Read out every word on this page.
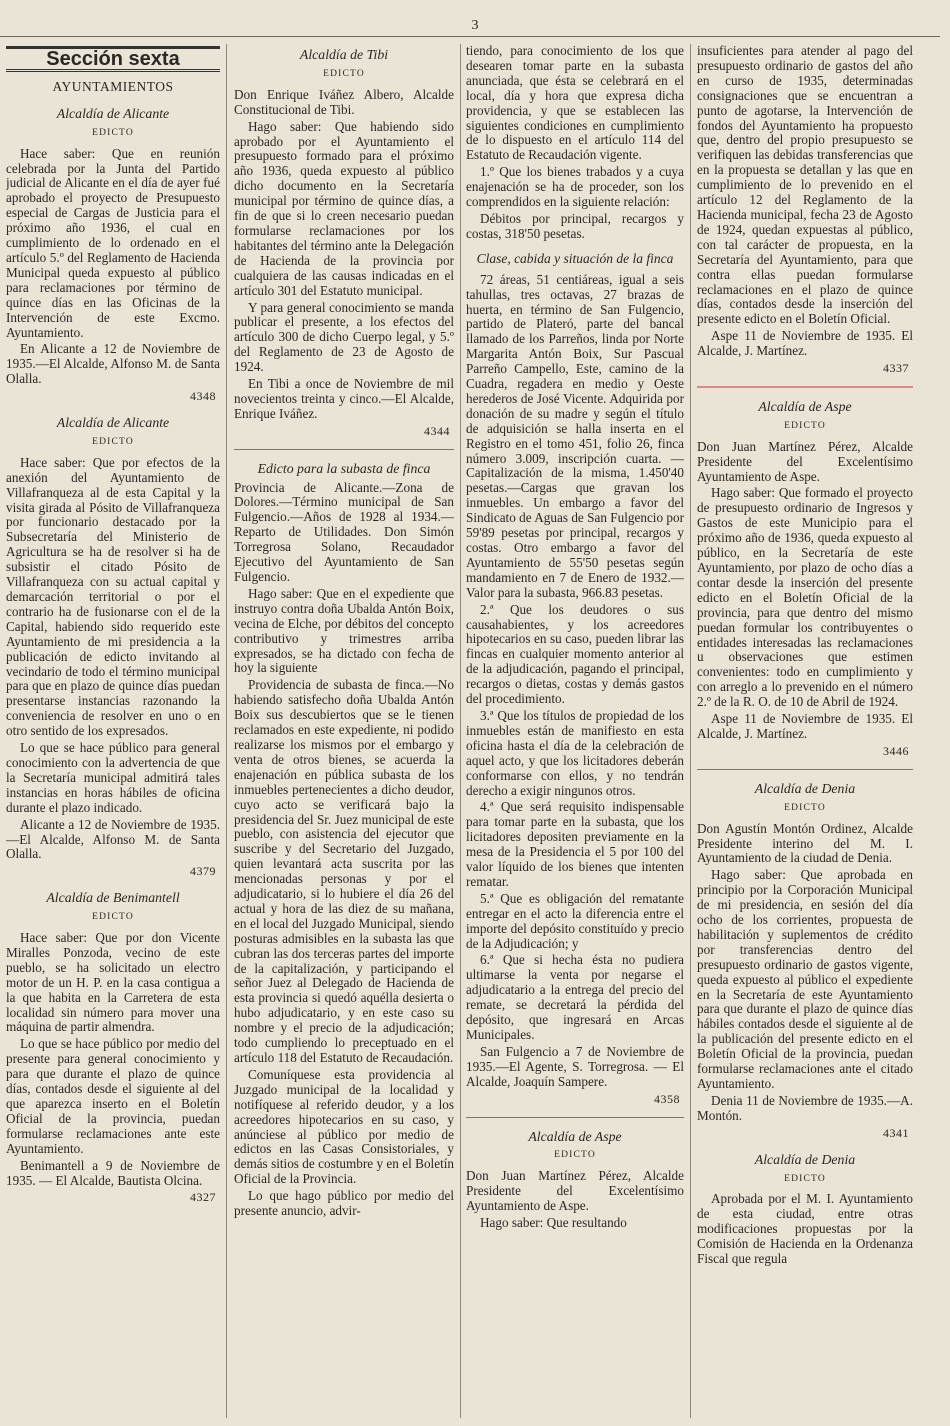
3
Sección sexta
AYUNTAMIENTOS
Alcaldía de Alicante
EDICTO

Hace saber: Que en reunión celebrada por la Junta del Partido judicial de Alicante en el día de ayer fué aprobado el proyecto de Presupuesto especial de Cargas de Justicia para el próximo año 1936, el cual en cumplimiento de lo ordenado en el artículo 5.º del Reglamento de Hacienda Municipal queda expuesto al público para reclamaciones por término de quince días en las Oficinas de la Intervención de este Excmo. Ayuntamiento.

En Alicante a 12 de Noviembre de 1935.—El Alcalde, Alfonso M. de Santa Olalla.

4348
Alcaldía de Alicante
EDICTO

Hace saber: Que por efectos de la anexión del Ayuntamiento de Villafranqueza al de esta Capital y la visita girada al Pósito de Villafranqueza por funcionario destacado por la Subsecretaría del Ministerio de Agricultura se ha de resolver si ha de subsistir el citado Pósito de Villafranqueza con su actual capital y demarcación territorial o por el contrario ha de fusionarse con el de la Capital, habiendo sido requerido este Ayuntamiento de mi presidencia a la publicación de edicto invitando al vecindario de todo el término municipal para que en plazo de quince días puedan presentarse instancias razonando la conveniencia de resolver en uno o en otro sentido de los expresados.

Lo que se hace público para general conocimiento con la advertencia de que la Secretaría municipal admitirá tales instancias en horas hábiles de oficina durante el plazo indicado.

Alicante a 12 de Noviembre de 1935.—El Alcalde, Alfonso M. de Santa Olalla.

4379
Alcaldía de Benimantell
EDICTO

Hace saber: Que por don Vicente Miralles Ponzoda, vecino de este pueblo, se ha solicitado un electro motor de un H. P. en la casa contigua a la que habita en la Carretera de esta localidad sin número para mover una máquina de partir almendra.

Lo que se hace público por medio del presente para general conocimiento y para que durante el plazo de quince días, contados desde el siguiente al del que aparezca inserto en el Boletín Oficial de la provincia, puedan formularse reclamaciones ante este Ayuntamiento.

Benimantell a 9 de Noviembre de 1935. — El Alcalde, Bautista Olcina.

4327
Alcaldía de Tibi
EDICTO

Don Enrique Iváñez Albero, Alcalde Constitucional de Tibi.

Hago saber: Que habiendo sido aprobado por el Ayuntamiento el presupuesto formado para el próximo año 1936, queda expuesto al público dicho documento en la Secretaría municipal por término de quince días, a fin de que si lo creen necesario puedan formularse reclamaciones por los habitantes del término ante la Delegación de Hacienda de la provincia por cualquiera de las causas indicadas en el artículo 301 del Estatuto municipal.

Y para general conocimiento se manda publicar el presente, a los efectos del artículo 300 de dicho Cuerpo legal, y 5.º del Reglamento de 23 de Agosto de 1924.

En Tibi a once de Noviembre de mil novecientos treinta y cinco.—El Alcalde, Enrique Iváñez.

4344
Edicto para la subasta de finca

Provincia de Alicante.—Zona de Dolores.—Término municipal de San Fulgencio.—Años de 1928 al 1934.—Reparto de Utilidades. Don Simón Torregrosa Solano, Recaudador Ejecutivo del Ayuntamiento de San Fulgencio.

Hago saber: Que en el expediente que instruyo contra doña Ubalda Antón Boix, vecina de Elche, por débitos del concepto contributivo y trimestres arriba expresados, se ha dictado con fecha de hoy la siguiente

Providencia de subasta de finca.—No habiendo satisfecho doña Ubalda Antón Boix sus descubiertos que se le tienen reclamados en este expediente, ni podido realizarse los mismos por el embargo y venta de otros bienes, se acuerda la enajenación en pública subasta de los inmuebles pertenecientes a dicho deudor, cuyo acto se verificará bajo la presidencia del Sr. Juez municipal de este pueblo, con asistencia del ejecutor que suscribe y del Secretario del Juzgado, quien levantará acta suscrita por las mencionadas personas y por el adjudicatario, si lo hubiere el día 26 del actual y hora de las diez de su mañana, en el local del Juzgado Municipal, siendo posturas admisibles en la subasta las que cubran las dos terceras partes del importe de la capitalización, y participando el señor Juez al Delegado de Hacienda de esta provincia si quedó aquélla desierta o hubo adjudicatario, y en este caso su nombre y el precio de la adjudicación; todo cumpliendo lo preceptuado en el artículo 118 del Estatuto de Recaudación.

Comuníquese esta providencia al Juzgado municipal de la localidad y notifíquese al referido deudor, y a los acreedores hipotecarios en su caso, y anúnciese al público por medio de edictos en las Casas Consistoriales, y demás sitios de costumbre y en el Boletín Oficial de la Provincia.

Lo que hago público por medio del presente anuncio, advir-

tiendo, para conocimiento de los que desearen tomar parte en la subasta anunciada, que ésta se celebrará en el local, día y hora que expresa dicha providencia, y que se establecen las siguientes condiciones en cumplimiento de lo dispuesto en el artículo 114 del Estatuto de Recaudación vigente.

1.º Que los bienes trabados y a cuya enajenación se ha de proceder, son los comprendidos en la siguiente relación:

Débitos por principal, recargos y costas, 318'50 pesetas.

Clase, cabida y situación de la finca

72 áreas, 51 centiáreas, igual a seis tahullas, tres octavas, 27 brazas de huerta, en término de San Fulgencio, partido de Plateró, parte del bancal llamado de los Parreños, linda por Norte Margarita Antón Boix, Sur Pascual Parreño Campello, Este, camino de la Cuadra, regadera en medio y Oeste herederos de José Vicente. Adquirida por donación de su madre y según el título de adquisición se halla inserta en el Registro en el tomo 451, folio 26, finca número 3.009, inscripción cuarta. — Capitalización de la misma, 1.450'40 pesetas.—Cargas que gravan los inmuebles. Un embargo a favor del Sindicato de Aguas de San Fulgencio por 59'89 pesetas por principal, recargos y costas. Otro embargo a favor del Ayuntamiento de 55'50 pesetas según mandamiento en 7 de Enero de 1932.—Valor para la subasta, 966.83 pesetas.

2.ª Que los deudores o sus causahabientes, y los acreedores hipotecarios en su caso, pueden librar las fincas en cualquier momento anterior al de la adjudicación, pagando el principal, recargos o dietas, costas y demás gastos del procedimiento.

3.ª Que los títulos de propiedad de los inmuebles están de manifiesto en esta oficina hasta el día de la celebración de aquel acto, y que los licitadores deberán conformarse con ellos, y no tendrán derecho a exigir ningunos otros.

4.ª Que será requisito indispensable para tomar parte en la subasta, que los licitadores depositen previamente en la mesa de la Presidencia el 5 por 100 del valor líquido de los bienes que intenten rematar.

5.ª Que es obligación del rematante entregar en el acto la diferencia entre el importe del depósito constituído y precio de la Adjudicación; y

6.ª Que si hecha ésta no pudiera ultimarse la venta por negarse el adjudicatario a la entrega del precio del remate, se decretará la pérdida del depósito, que ingresará en Arcas Municipales.

San Fulgencio a 7 de Noviembre de 1935.—El Agente, S. Torregrosa. — El Alcalde, Joaquín Sampere.

4358
Alcaldía de Aspe
EDICTO

Don Juan Martínez Pérez, Alcalde Presidente del Excelentísimo Ayuntamiento de Aspe.

Hago saber: Que resultando

insuficientes para atender al pago del presupuesto ordinario de gastos del año en curso de 1935, determinadas consignaciones que se encuentran a punto de agotarse, la Intervención de fondos del Ayuntamiento ha propuesto que, dentro del propio presupuesto se verifiquen las debidas transferencias que en la propuesta se detallan y las que en cumplimiento de lo prevenido en el artículo 12 del Reglamento de la Hacienda municipal, fecha 23 de Agosto de 1924, quedan expuestas al público, con tal carácter de propuesta, en la Secretaría del Ayuntamiento, para que contra ellas puedan formularse reclamaciones en el plazo de quince días, contados desde la inserción del presente edicto en el Boletín Oficial.

Aspe 11 de Noviembre de 1935. El Alcalde, J. Martínez.

4337
Alcaldía de Aspe
EDICTO

Don Juan Martínez Pérez, Alcalde Presidente del Excelentísimo Ayuntamiento de Aspe.

Hago saber: Que formado el proyecto de presupuesto ordinario de Ingresos y Gastos de este Municipio para el próximo año de 1936, queda expuesto al público, en la Secretaría de este Ayuntamiento, por plazo de ocho días a contar desde la inserción del presente edicto en el Boletín Oficial de la provincia, para que dentro del mismo puedan formular los contribuyentes o entidades interesadas las reclamaciones u observaciones que estimen convenientes: todo en cumplimiento y con arreglo a lo prevenido en el número 2.º de la R. O. de 10 de Abril de 1924.

Aspe 11 de Noviembre de 1935. El Alcalde, J. Martínez.

3446
Alcaldía de Denia
EDICTO

Don Agustín Montón Ordinez, Alcalde Presidente interino del M. I. Ayuntamiento de la ciudad de Denia.

Hago saber: Que aprobada en principio por la Corporación Municipal de mi presidencia, en sesión del día ocho de los corrientes, propuesta de habilitación y suplementos de crédito por transferencias dentro del presupuesto ordinario de gastos vigente, queda expuesto al público el expediente en la Secretaría de este Ayuntamiento para que durante el plazo de quince días hábiles contados desde el siguiente al de la publicación del presente edicto en el Boletín Oficial de la provincia, puedan formularse reclamaciones ante el citado Ayuntamiento.

Denia 11 de Noviembre de 1935.—A. Montón.

4341
Alcaldía de Denia
EDICTO

Aprobada por el M. I. Ayuntamiento de esta ciudad, entre otras modificaciones propuestas por la Comisión de Hacienda en la Ordenanza Fiscal que regula
